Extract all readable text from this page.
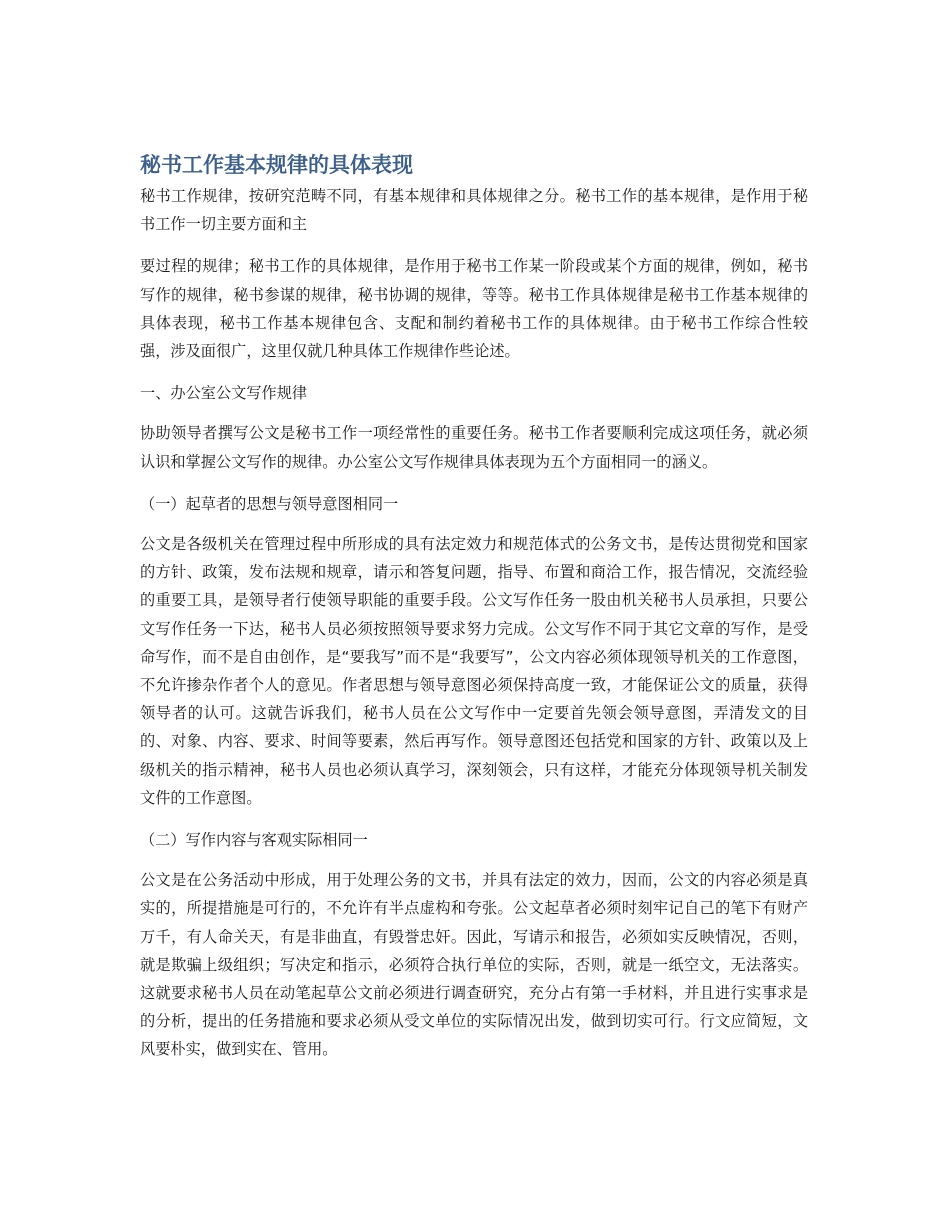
秘书工作基本规律的具体表现

秘书工作规律，按研究范畴不同，有基本规律和具体规律之分。秘书工作的基本规律，是作用于秘书工作一切主要方面和主

要过程的规律；秘书工作的具体规律，是作用于秘书工作某一阶段或某个方面的规律，例如，秘书写作的规律，秘书参谋的规律，秘书协调的规律，等等。秘书工作具体规律是秘书工作基本规律的具体表现，秘书工作基本规律包含、支配和制约着秘书工作的具体规律。由于秘书工作综合性较强，涉及面很广，这里仅就几种具体工作规律作些论述。

一、办公室公文写作规律

协助领导者撰写公文是秘书工作一项经常性的重要任务。秘书工作者要顺利完成这项任务，就必须认识和掌握公文写作的规律。办公室公文写作规律具体表现为五个方面相同一的涵义。

（一）起草者的思想与领导意图相同一

公文是各级机关在管理过程中所形成的具有法定效力和规范体式的公务文书，是传达贯彻党和国家的方针、政策，发布法规和规章，请示和答复问题，指导、布置和商洽工作，报告情况，交流经验的重要工具，是领导者行使领导职能的重要手段。公文写作任务一股由机关秘书人员承担，只要公文写作任务一下达，秘书人员必须按照领导要求努力完成。公文写作不同于其它文章的写作，是受命写作，而不是自由创作，是“要我写”而不是“我要写”，公文内容必须体现领导机关的工作意图，不允许掺杂作者个人的意见。作者思想与领导意图必须保持高度一致，才能保证公文的质量，获得领导者的认可。这就告诉我们，秘书人员在公文写作中一定要首先领会领导意图，弄清发文的目的、对象、内容、要求、时间等要素，然后再写作。领导意图还包括党和国家的方针、政策以及上级机关的指示精神，秘书人员也必须认真学习，深刻领会，只有这样，才能充分体现领导机关制发文件的工作意图。

（二）写作内容与客观实际相同一

公文是在公务活动中形成，用于处理公务的文书，并具有法定的效力，因而，公文的内容必须是真实的，所提措施是可行的，不允许有半点虚构和夸张。公文起草者必须时刻牢记自己的笔下有财产万千，有人命关天，有是非曲直，有毁誉忠奸。因此，写请示和报告，必须如实反映情况，否则，就是欺骗上级组织；写决定和指示，必须符合执行单位的实际，否则，就是一纸空文，无法落实。这就要求秘书人员在动笔起草公文前必须进行调查研究，充分占有第一手材料，并且进行实事求是的分析，提出的任务措施和要求必须从受文单位的实际情况出发，做到切实可行。行文应简短，文风要朴实，做到实在、管用。
